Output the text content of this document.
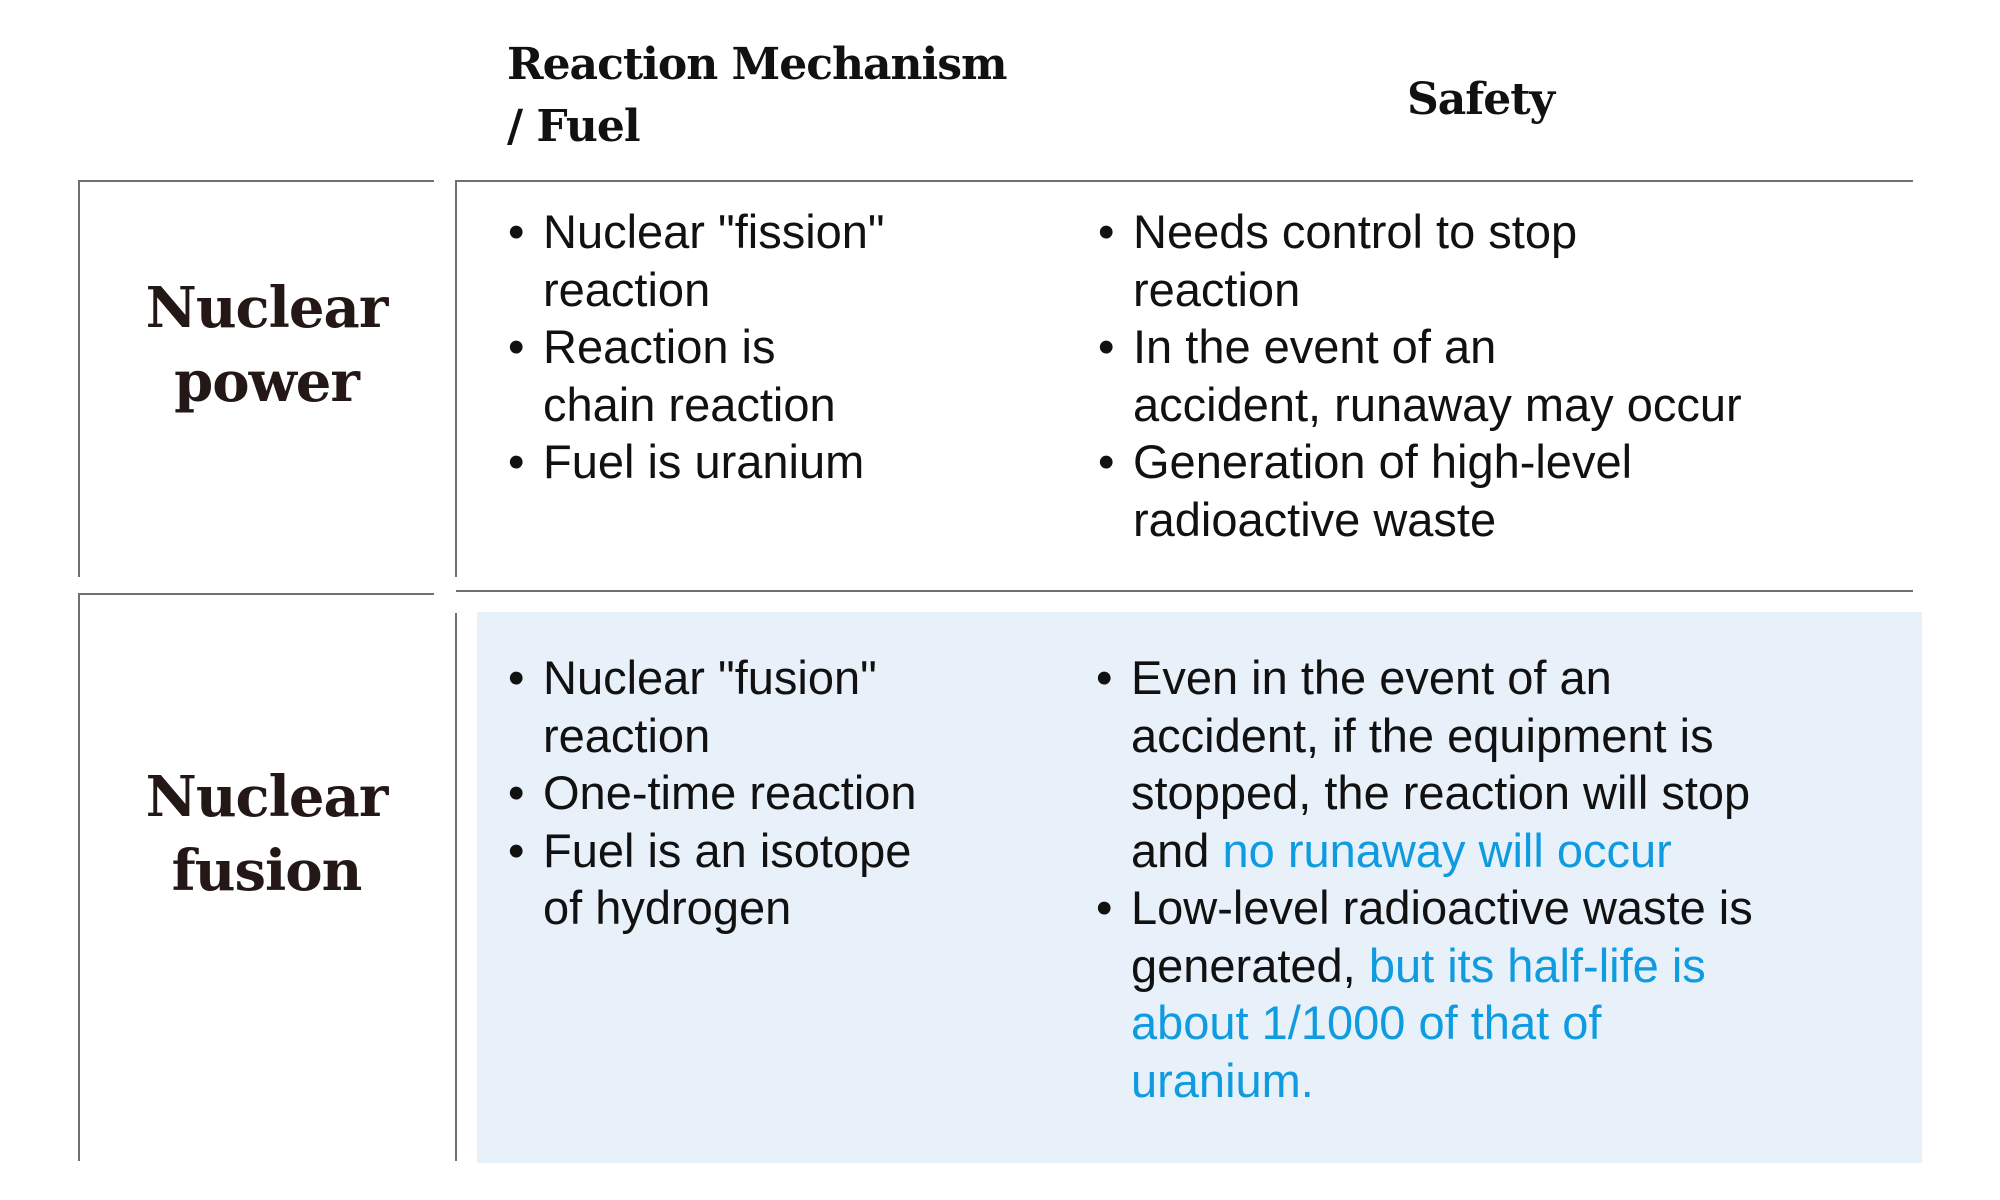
Reaction Mechanism
/ Fuel
Safety
Nuclear
power
• Nuclear "fission"
reaction
• Reaction is
chain reaction
• Fuel is uranium
• Needs control to stop
reaction
• In the event of an
accident, runaway may occur
• Generation of high-level
radioactive waste
Nuclear
fusion
• Nuclear "fusion"
reaction
• One-time reaction
• Fuel is an isotope
of hydrogen
• Even in the event of an
accident, if the equipment is
stopped, the reaction will stop
and no runaway will occur
• Low-level radioactive waste is
generated, but its half-life is
about 1/1000 of that of
uranium.
